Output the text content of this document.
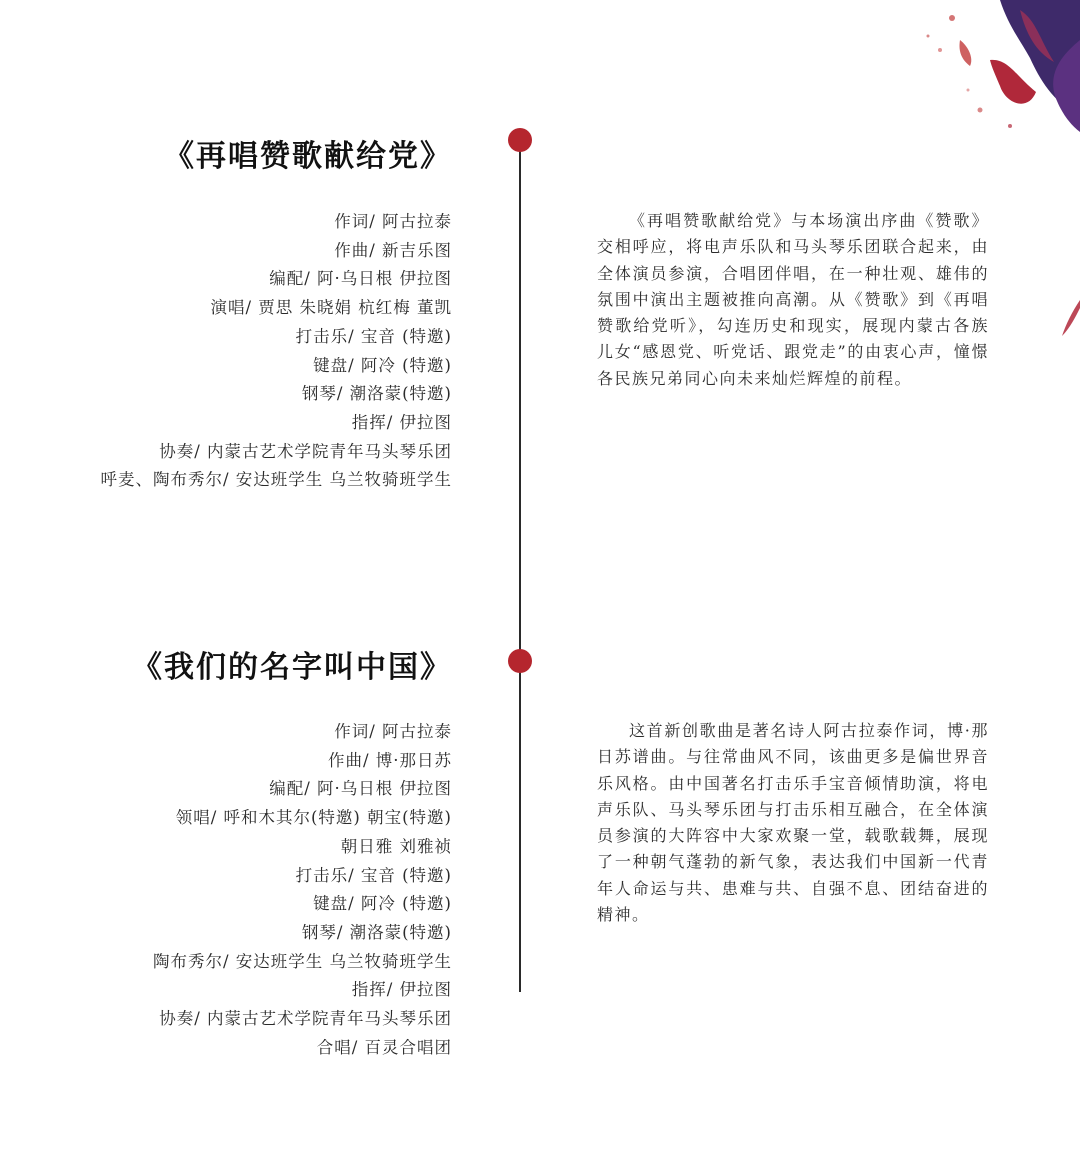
《再唱赞歌献给党》
作词/ 阿古拉泰
作曲/ 新吉乐图
编配/ 阿·乌日根 伊拉图
演唱/ 贾思 朱晓娟 杭红梅 董凯
打击乐/ 宝音 (特邀)
键盘/ 阿冷 (特邀)
钢琴/ 潮洛蒙(特邀)
指挥/ 伊拉图
协奏/ 内蒙古艺术学院青年马头琴乐团
呼麦、陶布秀尔/ 安达班学生 乌兰牧骑班学生
《再唱赞歌献给党》与本场演出序曲《赞歌》交相呼应，将电声乐队和马头琴乐团联合起来，由全体演员参演，合唱团伴唱，在一种壮观、雄伟的氛围中演出主题被推向高潮。从《赞歌》到《再唱赞歌给党听》，勾连历史和现实，展现内蒙古各族儿女“感恩党、听党话、跟党走”的由衷心声，憧憬各民族兄弟同心向未来灿烂辉煌的前程。
《我们的名字叫中国》
作词/ 阿古拉泰
作曲/ 博·那日苏
编配/ 阿·乌日根 伊拉图
领唱/ 呼和木其尔(特邀) 朝宝(特邀)
朝日雅 刘雅祯
打击乐/ 宝音 (特邀)
键盘/ 阿冷 (特邀)
钢琴/ 潮洛蒙(特邀)
陶布秀尔/ 安达班学生 乌兰牧骑班学生
指挥/ 伊拉图
协奏/ 内蒙古艺术学院青年马头琴乐团
合唱/ 百灵合唱团
这首新创歌曲是著名诗人阿古拉泰作词，博·那日苏谱曲。与往常曲风不同，该曲更多是偏世界音乐风格。由中国著名打击乐手宝音倾情助演，将电声乐队、马头琴乐团与打击乐相互融合，在全体演员参演的大阵容中大家欢聚一堂，载歌载舞，展现了一种朝气蓬勃的新气象，表达我们中国新一代青年人命运与共、患难与共、自强不息、团结奋进的精神。
